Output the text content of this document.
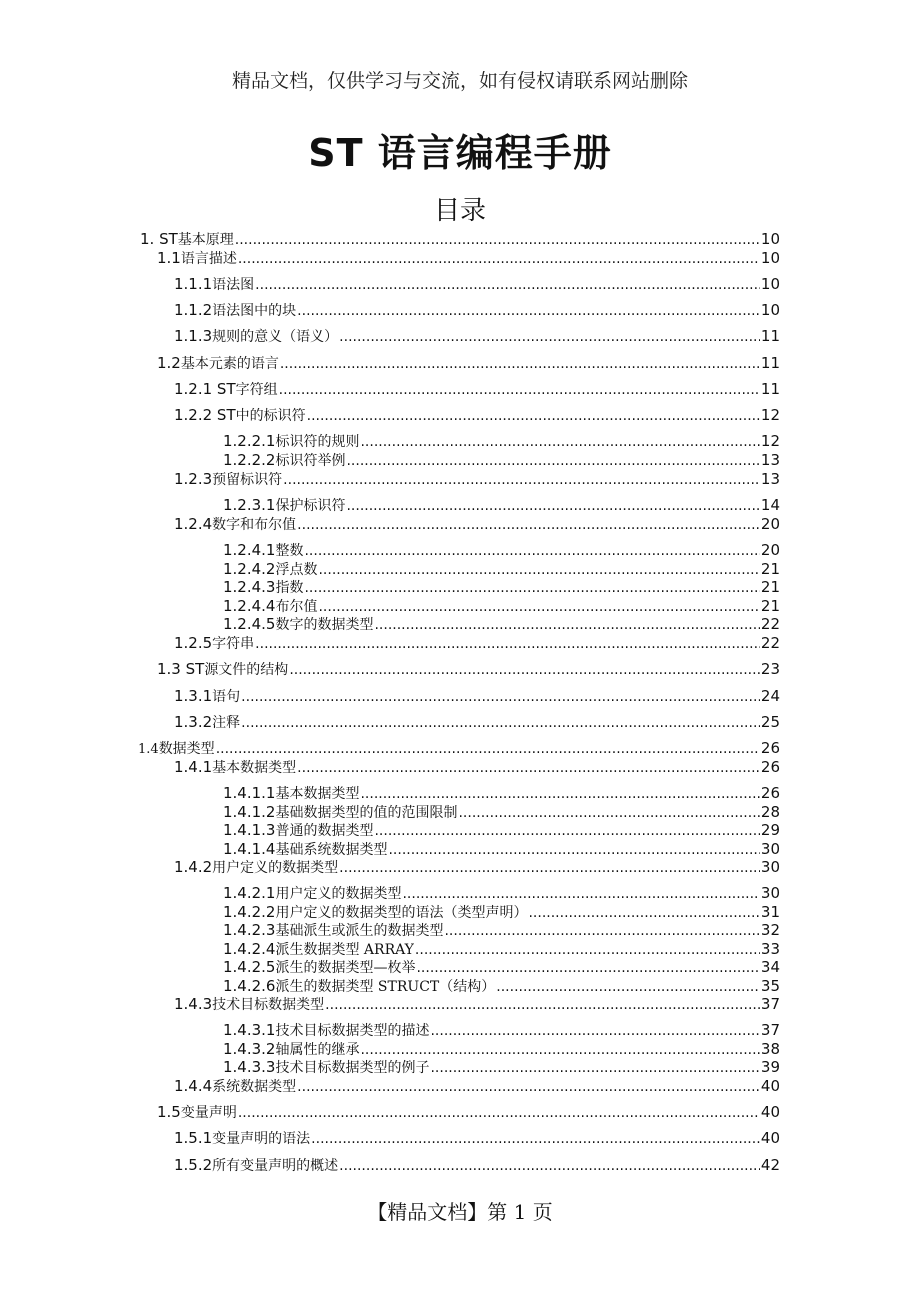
精品文档，仅供学习与交流，如有侵权请联系网站删除
ST 语言编程手册
目录
1. ST 基本原理 .....	10
1.1 语言描述 .....	10
1.1.1 语法图 .....	10
1.1.2 语法图中的块 .....	10
1.1.3 规则的意义（语义） .....	11
1.2 基本元素的语言 .....	11
1.2.1 ST 字符组 .....	11
1.2.2 ST 中的标识符 .....	12
1.2.2.1 标识符的规则 .....	12
1.2.2.2 标识符举例 .....	13
1.2.3 预留标识符 .....	13
1.2.3.1 保护标识符 .....	14
1.2.4 数字和布尔值 .....	20
1.2.4.1 整数 .....	20
1.2.4.2 浮点数 .....	21
1.2.4.3 指数 .....	21
1.2.4.4 布尔值 .....	21
1.2.4.5 数字的数据类型 .....	22
1.2.5 字符串 .....	22
1.3 ST 源文件的结构 .....	23
1.3.1 语句 .....	24
1.3.2 注释 .....	25
1.4 数据类型 .....	26
1.4.1 基本数据类型 .....	26
1.4.1.1 基本数据类型 .....	26
1.4.1.2 基础数据类型的值的范围限制 .....	28
1.4.1.3 普通的数据类型 .....	29
1.4.1.4 基础系统数据类型 .....	30
1.4.2 用户定义的数据类型 .....	30
1.4.2.1 用户定义的数据类型 .....	30
1.4.2.2 用户定义的数据类型的语法（类型声明） .....	31
1.4.2.3 基础派生或派生的数据类型 .....	32
1.4.2.4 派生数据类型 ARRAY .....	33
1.4.2.5 派生的数据类型—枚举 .....	34
1.4.2.6 派生的数据类型 STRUCT（结构） .....	35
1.4.3 技术目标数据类型 .....	37
1.4.3.1 技术目标数据类型的描述 .....	37
1.4.3.2 轴属性的继承 .....	38
1.4.3.3 技术目标数据类型的例子 .....	39
1.4.4 系统数据类型 .....	40
1.5 变量声明 .....	40
1.5.1 变量声明的语法 .....	40
1.5.2 所有变量声明的概述 .....	42
【精品文档】第 1 页
